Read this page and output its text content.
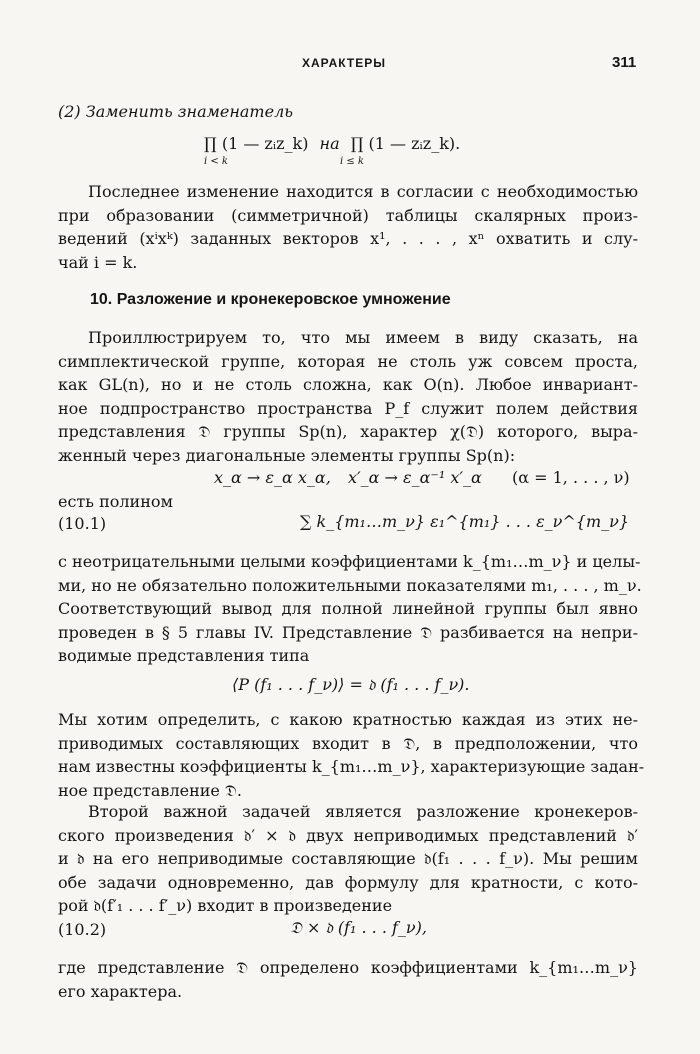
ХАРАКТЕРЫ	311
(2) Заменить знаменатель
∏ (1 — zᵢz_k) на ∏ (1 — zᵢz_k).
i < k	i ≤ k
Последнее изменение находится в согласии с необходимостью
при образовании (симметричной) таблицы скалярных произ-
ведений (xⁱxᵏ) заданных векторов x¹, . . . , xⁿ охватить и слу-
чай i = k.
10. Разложение и кронекеровское умножение
Проиллюстрируем то, что мы имеем в виду сказать, на
симплектической группе, которая не столь уж совсем проста,
как GL(n), но и не столь сложна, как O(n). Любое инвариант-
ное подпространство пространства P_f служит полем действия
представления 𝔇 группы Sp(n), характер χ(𝔇) которого, выра-
женный через диагональные элементы группы Sp(n):
x_α → ε_α x_α, x′_α → ε_α⁻¹ x′_α (α = 1, . . . , ν)
есть полином
(10.1)	∑ k_{m₁…m_ν} ε₁^{m₁} . . . ε_ν^{m_ν}
с неотрицательными целыми коэффициентами k_{m₁…m_ν} и целы-
ми, но не обязательно положительными показателями m₁, . . . , m_ν.
Соответствующий вывод для полной линейной группы был явно
проведен в § 5 главы IV. Представление 𝔇 разбивается на непри-
водимые представления типа
⟨P (f₁ . . . f_ν)⟩ = 𝔡 (f₁ . . . f_ν).
Мы хотим определить, с какою кратностью каждая из этих не-
приводимых составляющих входит в 𝔇, в предположении, что
нам известны коэффициенты k_{m₁…m_ν}, характеризующие задан-
ное представление 𝔇.
Второй важной задачей является разложение кронекеров-
ского произведения 𝔡′ × 𝔡 двух неприводимых представлений 𝔡′
и 𝔡 на его неприводимые составляющие 𝔡(f₁ . . . f_ν). Мы решим
обе задачи одновременно, дав формулу для кратности, с кото-
рой 𝔡(f′₁ . . . f′_ν) входит в произведение
(10.2)	𝔇 × 𝔡 (f₁ . . . f_ν),
где представление 𝔇 определено коэффициентами k_{m₁…m_ν}
его характера.
